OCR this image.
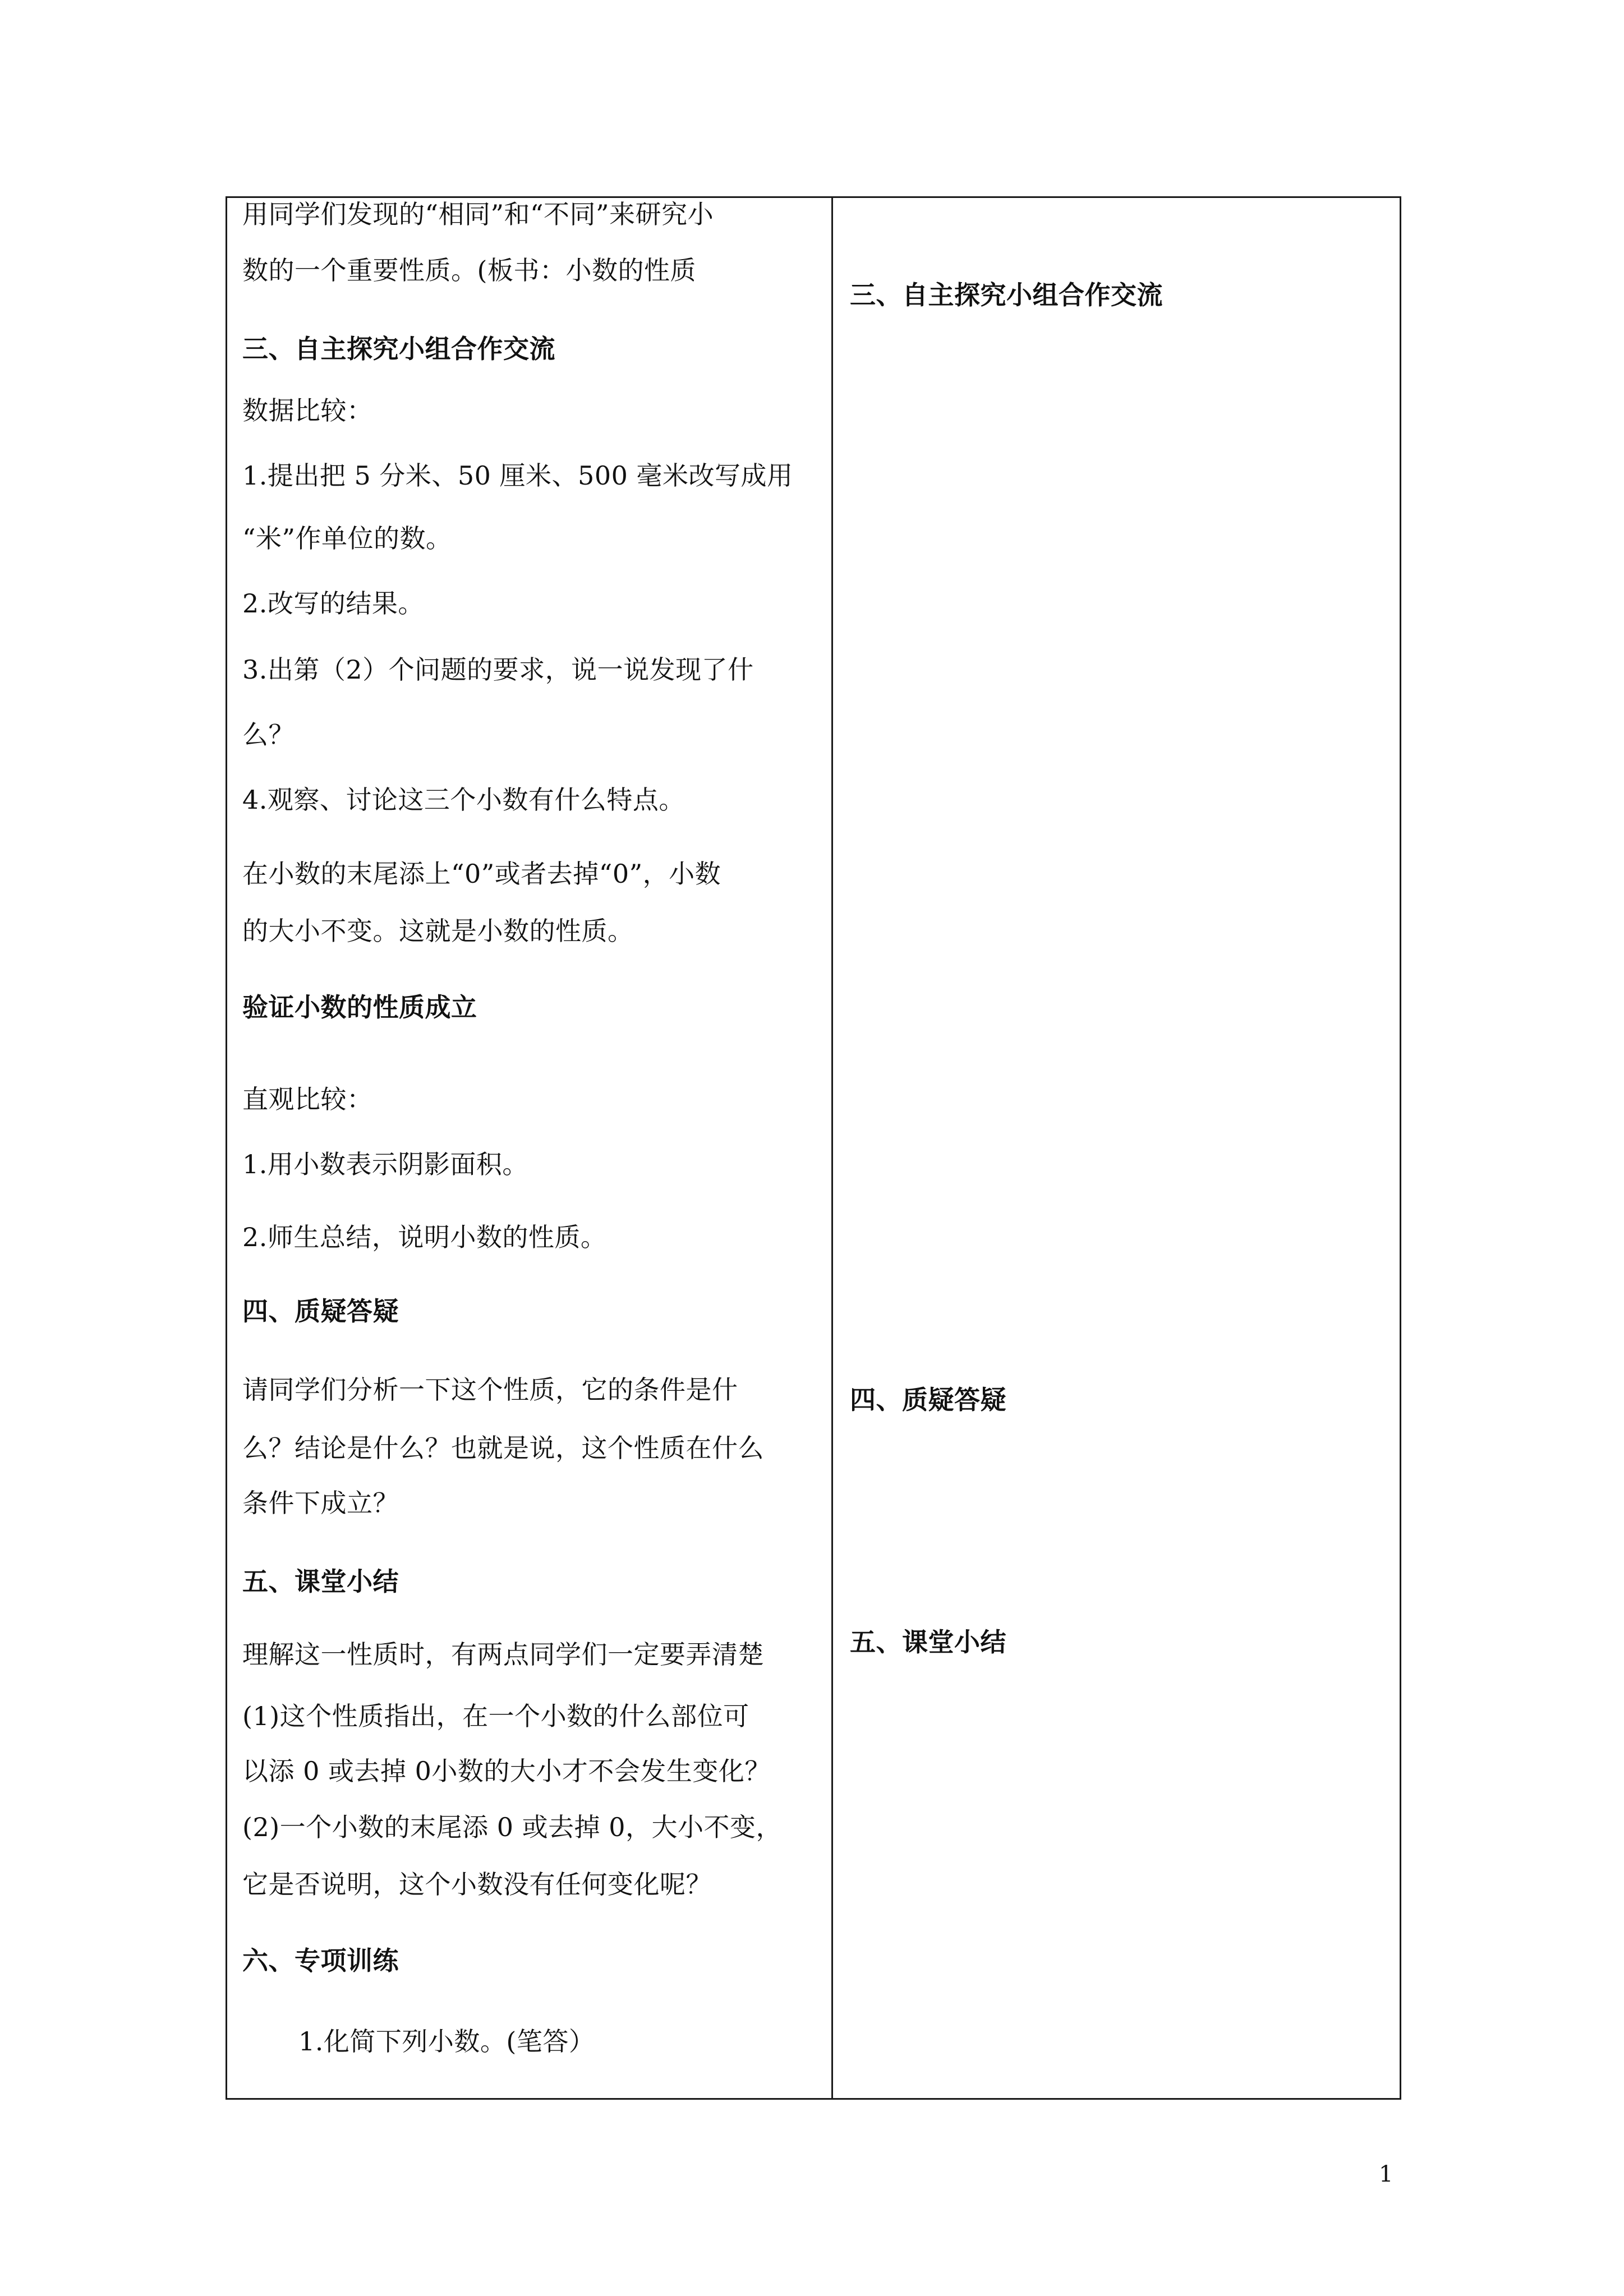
用同学们发现的“相同”和“不同”来研究小
数的一个重要性质。(板书：小数的性质
三、自主探究小组合作交流
数据比较：
1.提出把 5 分米、50 厘米、500 毫米改写成用
“米”作单位的数。
2.改写的结果。
3.出第（2）个问题的要求，说一说发现了什
么？
4.观察、讨论这三个小数有什么特点。
在小数的末尾添上“0”或者去掉“0”，小数
的大小不变。这就是小数的性质。
验证小数的性质成立
直观比较：
1.用小数表示阴影面积。
2.师生总结，说明小数的性质。
四、质疑答疑
请同学们分析一下这个性质，它的条件是什
么？结论是什么？也就是说，这个性质在什么
条件下成立？
五、课堂小结
理解这一性质时，有两点同学们一定要弄清楚
(1)这个性质指出，在一个小数的什么部位可
以添 0 或去掉 0小数的大小才不会发生变化？
(2)一个小数的末尾添 0 或去掉 0，大小不变，
它是否说明，这个小数没有任何变化呢？
六、专项训练
1.化简下列小数。(笔答）
三、自主探究小组合作交流
四、质疑答疑
五、课堂小结
1
